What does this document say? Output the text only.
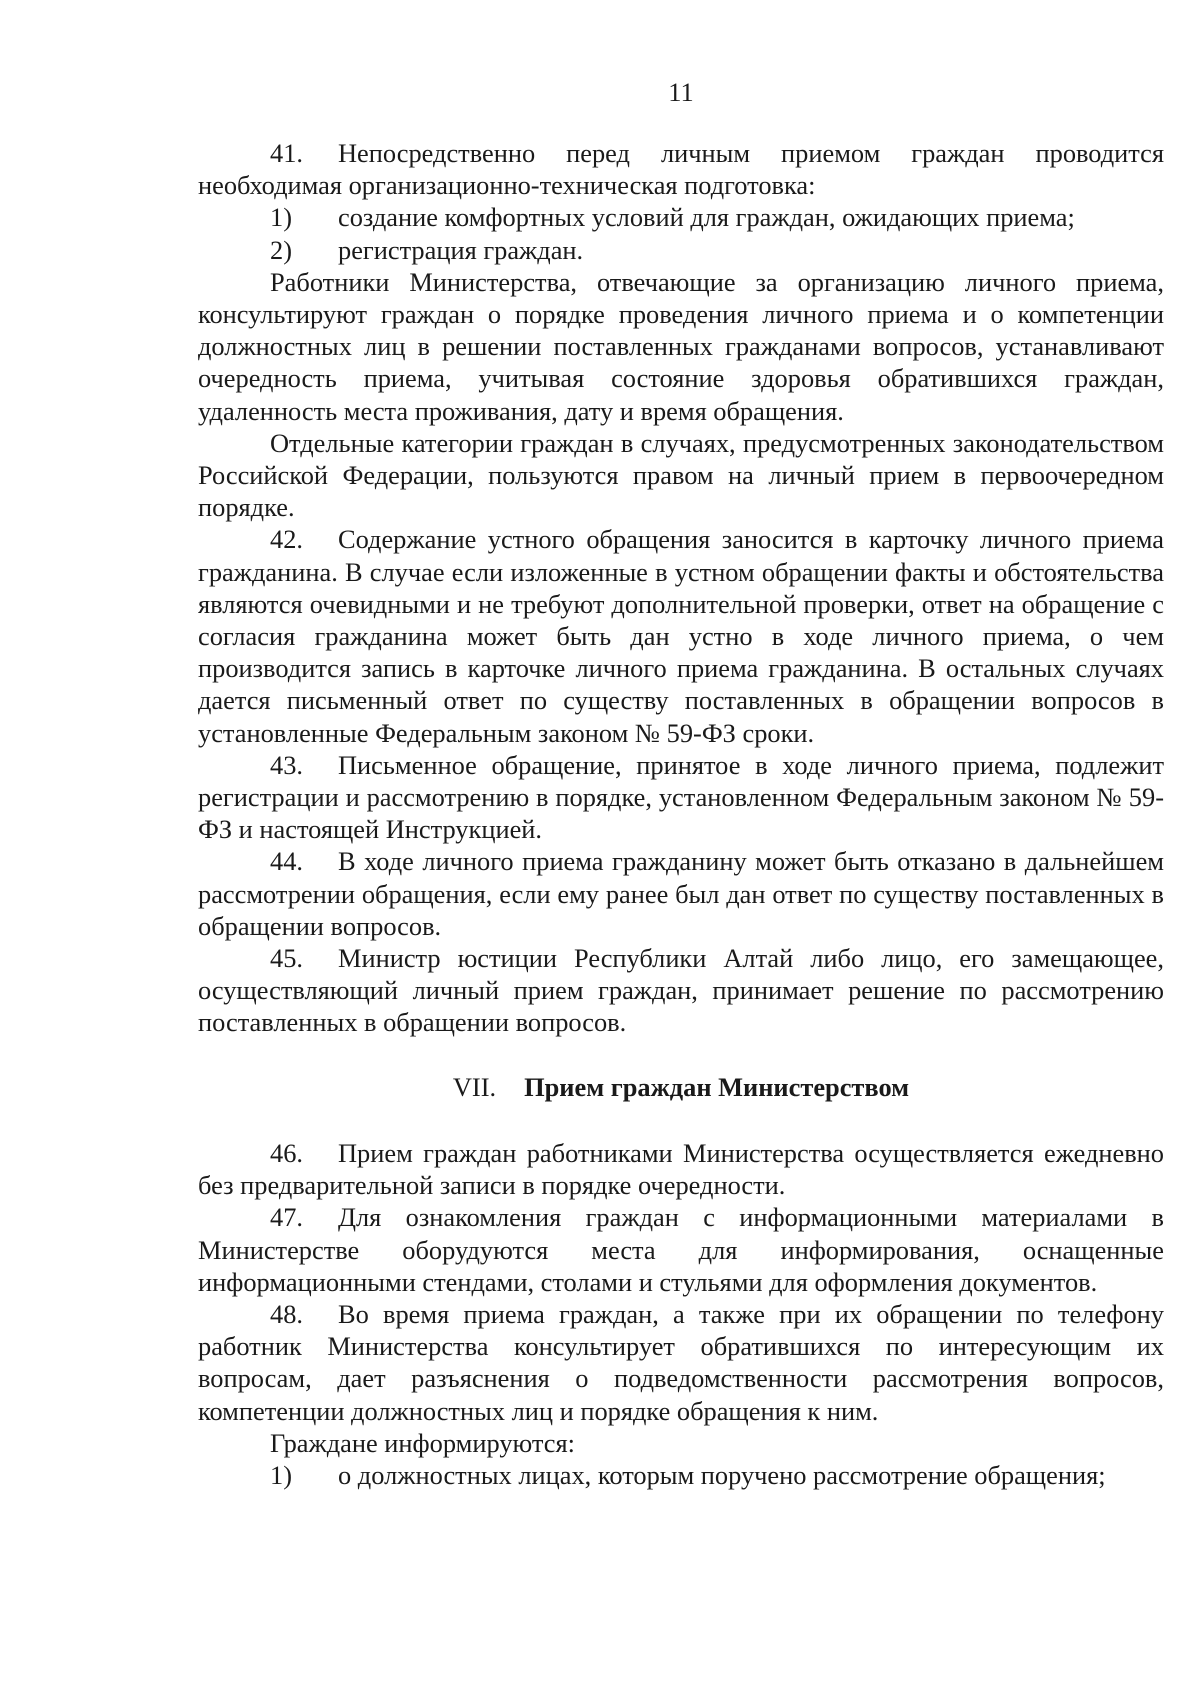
11

41. Непосредственно перед личным приемом граждан проводится необходимая организационно-техническая подготовка:

1) создание комфортных условий для граждан, ожидающих приема;

2) регистрация граждан.

Работники Министерства, отвечающие за организацию личного приема, консультируют граждан о порядке проведения личного приема и о компетенции должностных лиц в решении поставленных гражданами вопросов, устанавливают очередность приема, учитывая состояние здоровья обратившихся граждан, удаленность места проживания, дату и время обращения.

Отдельные категории граждан в случаях, предусмотренных законодательством Российской Федерации, пользуются правом на личный прием в первоочередном порядке.

42. Содержание устного обращения заносится в карточку личного приема гражданина. В случае если изложенные в устном обращении факты и обстоятельства являются очевидными и не требуют дополнительной проверки, ответ на обращение с согласия гражданина может быть дан устно в ходе личного приема, о чем производится запись в карточке личного приема гражданина. В остальных случаях дается письменный ответ по существу поставленных в обращении вопросов в установленные Федеральным законом № 59-ФЗ сроки.

43. Письменное обращение, принятое в ходе личного приема, подлежит регистрации и рассмотрению в порядке, установленном Федеральным законом № 59-ФЗ и настоящей Инструкцией.

44. В ходе личного приема гражданину может быть отказано в дальнейшем рассмотрении обращения, если ему ранее был дан ответ по существу поставленных в обращении вопросов.

45. Министр юстиции Республики Алтай либо лицо, его замещающее, осуществляющий личный прием граждан, принимает решение по рассмотрению поставленных в обращении вопросов.

VII. Прием граждан Министерством

46. Прием граждан работниками Министерства осуществляется ежедневно без предварительной записи в порядке очередности.

47. Для ознакомления граждан с информационными материалами в Министерстве оборудуются места для информирования, оснащенные информационными стендами, столами и стульями для оформления документов.

48. Во время приема граждан, а также при их обращении по телефону работник Министерства консультирует обратившихся по интересующим их вопросам, дает разъяснения о подведомственности рассмотрения вопросов, компетенции должностных лиц и порядке обращения к ним.

Граждане информируются:

1) о должностных лицах, которым поручено рассмотрение обращения;
